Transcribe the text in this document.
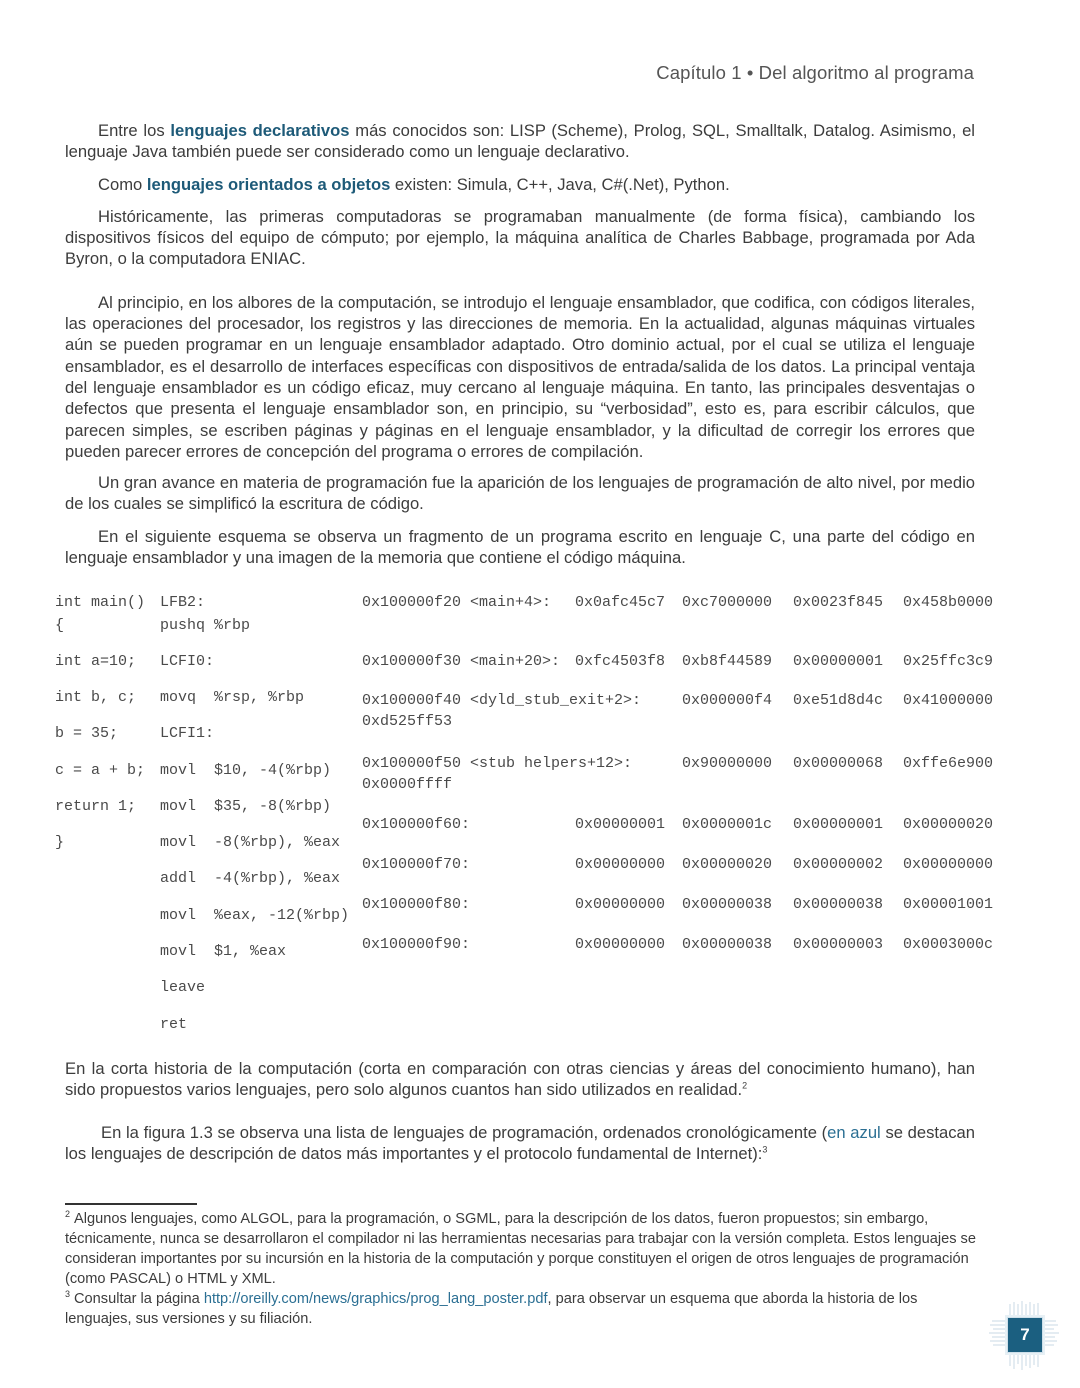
Capítulo 1 • Del algoritmo al programa

Entre los lenguajes declarativos más conocidos son: LISP (Scheme), Prolog, SQL, Smalltalk, Datalog. Asimismo, el lenguaje Java también puede ser considerado como un lenguaje declarativo.

Como lenguajes orientados a objetos existen: Simula, C++, Java, C#(.Net), Python.

Históricamente, las primeras computadoras se programaban manualmente (de forma física), cambiando los dispositivos físicos del equipo de cómputo; por ejemplo, la máquina analítica de Charles Babbage, programada por Ada Byron, o la computadora ENIAC.

Al principio, en los albores de la computación, se introdujo el lenguaje ensamblador, que codifica, con códigos literales, las operaciones del procesador, los registros y las direcciones de memoria. En la actualidad, algunas máquinas virtuales aún se pueden programar en un lenguaje ensamblador adaptado. Otro dominio actual, por el cual se utiliza el lenguaje ensamblador, es el desarrollo de interfaces específicas con dispositivos de entrada/salida de los datos. La principal ventaja del lenguaje ensamblador es un código eficaz, muy cercano al lenguaje máquina. En tanto, las principales desventajas o defectos que presenta el lenguaje ensamblador son, en principio, su “verbosidad”, esto es, para escribir cálculos, que parecen simples, se escriben páginas y páginas en el lenguaje ensamblador, y la dificultad de corregir los errores que pueden parecer errores de concepción del programa o errores de compilación.

Un gran avance en materia de programación fue la aparición de los lenguajes de programación de alto nivel, por medio de los cuales se simplificó la escritura de código.

En el siguiente esquema se observa un fragmento de un programa escrito en lenguaje C, una parte del código en lenguaje ensamblador y una imagen de la memoria que contiene el código máquina.

int main()
{
int a=10;
int b, c;
b = 35;
c = a + b;
return 1;
}
LFB2:
pushq %rbp
LCFI0:
movq  %rsp, %rbp
LCFI1:
movl  $10, -4(%rbp)
movl  $35, -8(%rbp)
movl  -8(%rbp), %eax
addl  -4(%rbp), %eax
movl  %eax, -12(%rbp)
movl  $1, %eax
leave
ret
0x100000f20 <main+4>: 0x0afc45c7 0xc7000000 0x0023f845 0x458b0000
0x100000f30 <main+20>: 0xfc4503f8 0xb8f44589 0x00000001 0x25ffc3c9
0x100000f40 <dyld_stub_exit+2>:	0x000000f4 0xe51d8d4c 0x41000000
0xd525ff53
0x100000f50 <stub helpers+12>:	0x90000000 0x00000068 0xffe6e900
0x0000ffff
0x100000f60:	0x00000001 0x0000001c 0x00000001 0x00000020
0x100000f70:	0x00000000 0x00000020 0x00000002 0x00000000
0x100000f80:	0x00000000 0x00000038 0x00000038 0x00001001
0x100000f90:	0x00000000 0x00000038 0x00000003 0x0003000c

En la corta historia de la computación (corta en comparación con otras ciencias y áreas del conocimiento humano), han sido propuestos varios lenguajes, pero solo algunos cuantos han sido utilizados en realidad.$^2$

En la figura 1.3 se observa una lista de lenguajes de programación, ordenados cronológicamente (en azul se destacan los lenguajes de descripción de datos más importantes y el protocolo fundamental de Internet):$^3$

$^2$ Algunos lenguajes, como ALGOL, para la programación, o SGML, para la descripción de los datos, fueron propuestos; sin embargo, técnicamente, nunca se desarrollaron el compilador ni las herramientas necesarias para trabajar con la versión completa. Estos lenguajes se consideran importantes por su incursión en la historia de la computación y porque constituyen el origen de otros lenguajes de programación (como PASCAL) o HTML y XML.
$^3$ Consultar la página http://oreilly.com/news/graphics/prog_lang_poster.pdf, para observar un esquema que aborda la historia de los lenguajes, sus versiones y su filiación.
7
